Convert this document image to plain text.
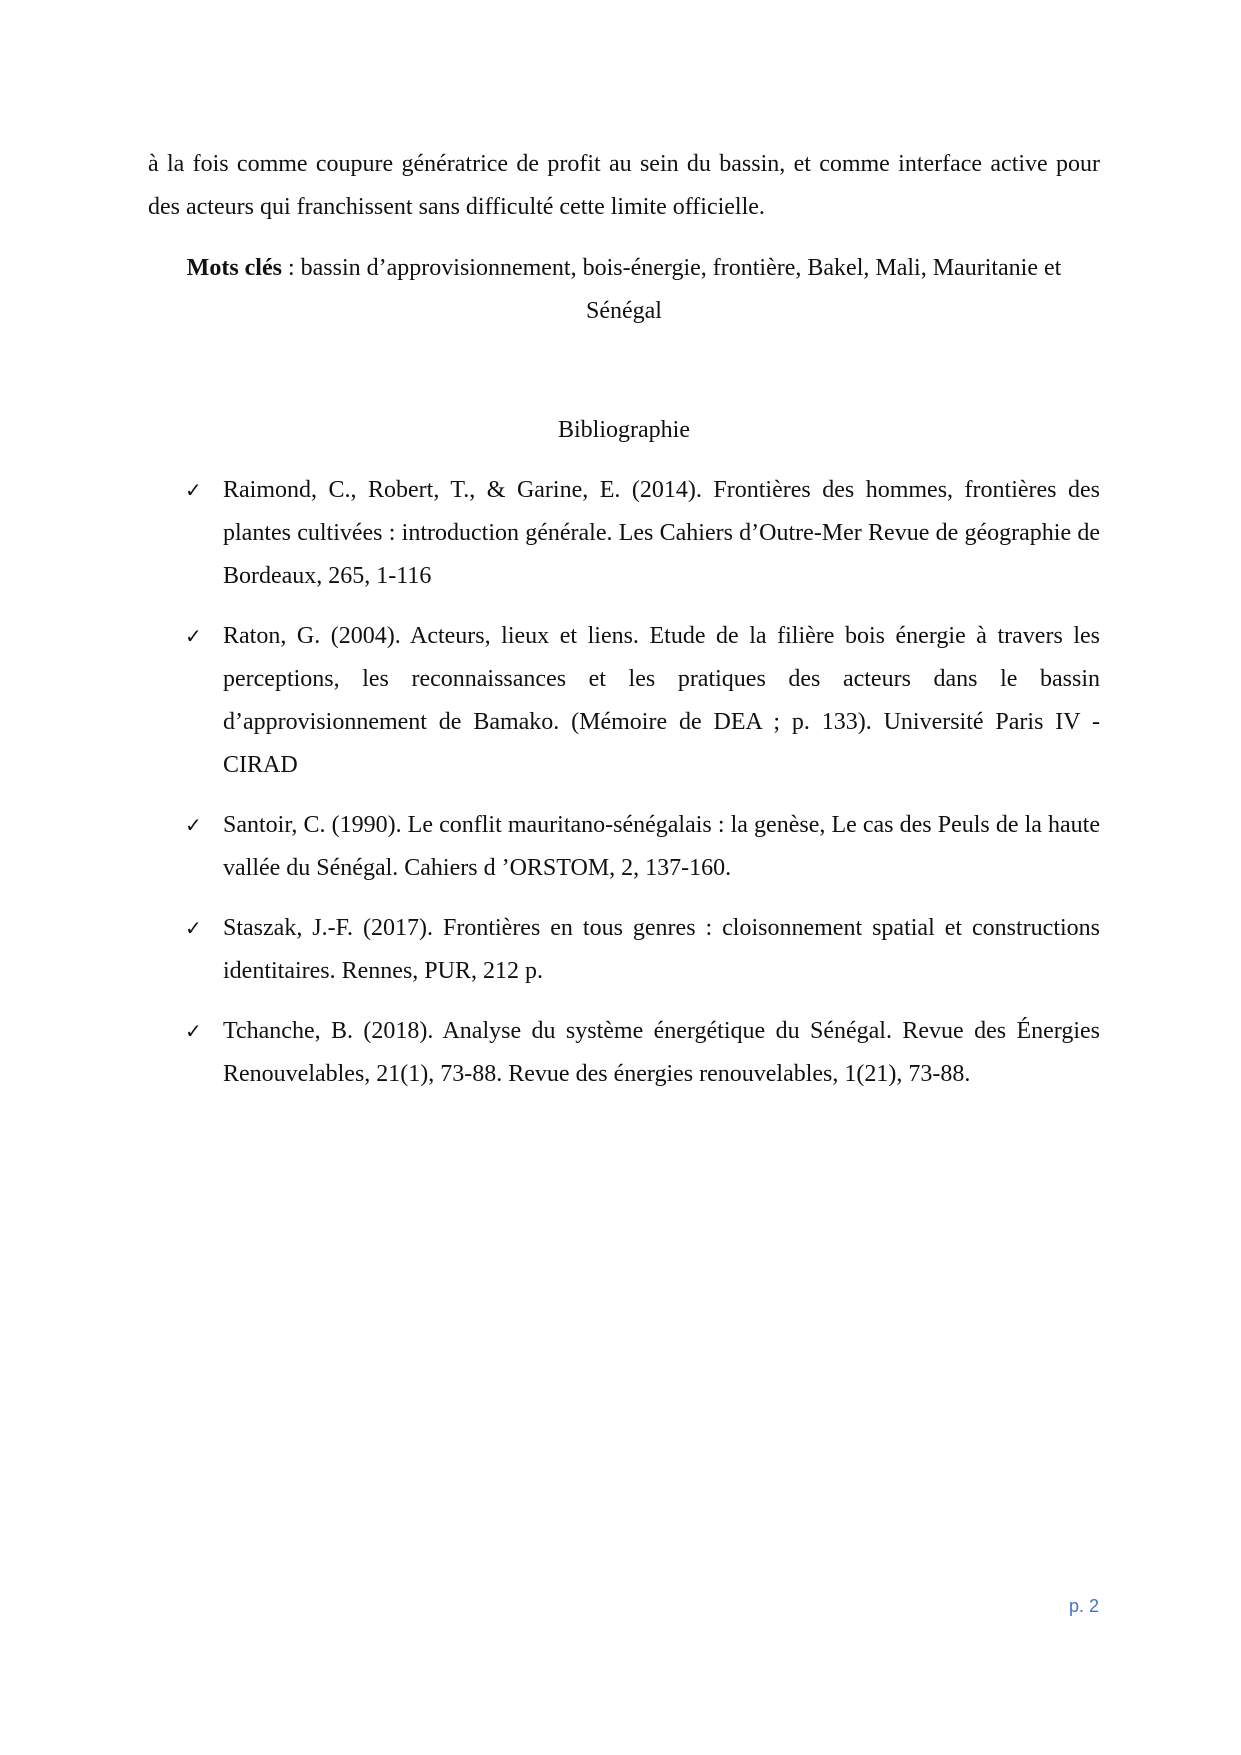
à la fois comme coupure génératrice de profit au sein du bassin, et comme interface active pour des acteurs qui franchissent sans difficulté cette limite officielle.

Mots clés : bassin d’approvisionnement, bois-énergie, frontière, Bakel, Mali, Mauritanie et Sénégal

Bibliographie

✓ Raimond, C., Robert, T., & Garine, E. (2014). Frontières des hommes, frontières des plantes cultivées : introduction générale. Les Cahiers d’Outre-Mer Revue de géographie de Bordeaux, 265, 1-116
✓ Raton, G. (2004). Acteurs, lieux et liens. Etude de la filière bois énergie à travers les perceptions, les reconnaissances et les pratiques des acteurs dans le bassin d’approvisionnement de Bamako. (Mémoire de DEA ; p. 133). Université Paris IV - CIRAD
✓ Santoir, C. (1990). Le conflit mauritano-sénégalais : la genèse, Le cas des Peuls de la haute vallée du Sénégal. Cahiers d ’ORSTOM, 2, 137-160.
✓ Staszak, J.-F. (2017). Frontières en tous genres : cloisonnement spatial et constructions identitaires. Rennes, PUR, 212 p.
✓ Tchanche, B. (2018). Analyse du système énergétique du Sénégal. Revue des Énergies Renouvelables, 21(1), 73-88. Revue des énergies renouvelables, 1(21), 73-88.
p. 2
